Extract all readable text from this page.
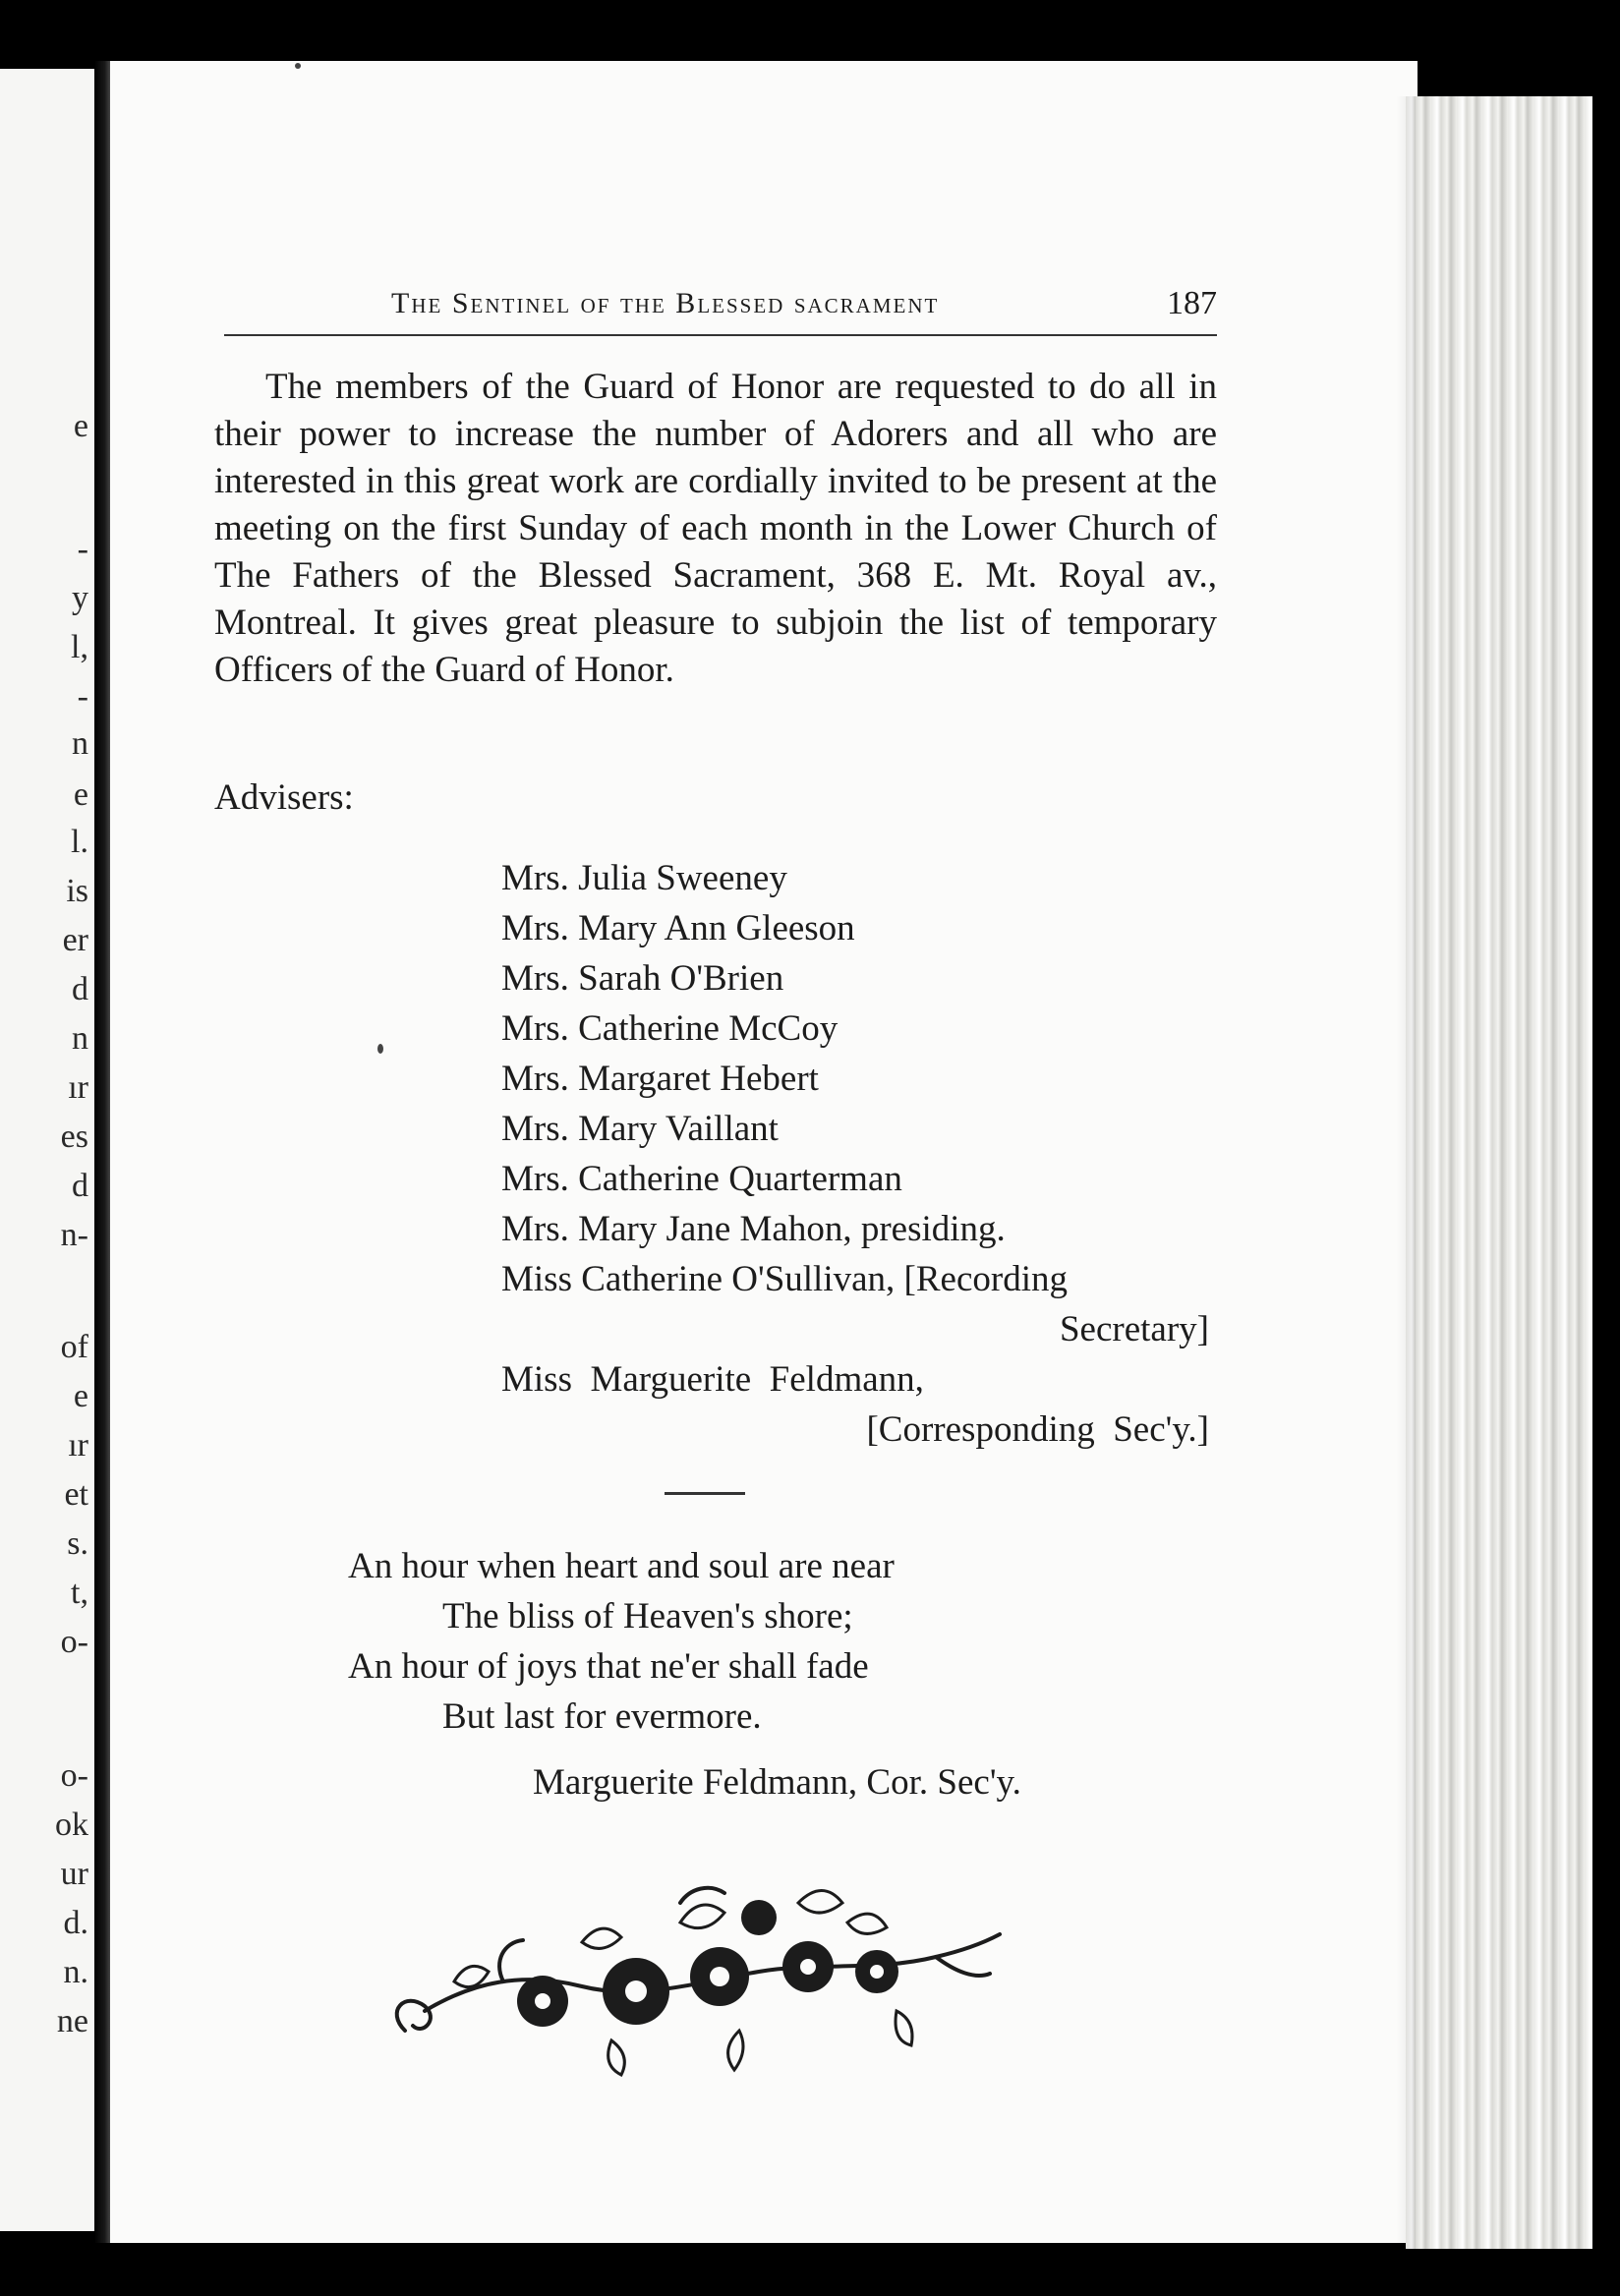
e
-
y
l,
-
n
e
l.
is
er
d
n
ır
es
d
n-
of
e
ır
et
s.
t,
o-
o-
ok
ur
d.
n.
ne
The Sentinel of the Blessed sacrament	187

The members of the Guard of Honor are requested to do all in their power to increase the number of Adorers and all who are interested in this great work are cordially invited to be present at the meeting on the first Sunday of each month in the Lower Church of The Fathers of the Blessed Sacrament, 368 E. Mt. Royal av., Montreal. It gives great pleasure to subjoin the list of temporary Officers of the Guard of Honor.

Advisers:
Mrs. Julia Sweeney
Mrs. Mary Ann Gleeson
Mrs. Sarah O'Brien
Mrs. Catherine McCoy
Mrs. Margaret Hebert
Mrs. Mary Vaillant
Mrs. Catherine Quarterman
Mrs. Mary Jane Mahon, presiding.
Miss Catherine O'Sullivan, [Recording
Secretary]
Miss  Marguerite  Feldmann,
[Corresponding  Sec'y.]
An hour when heart and soul are near
The bliss of Heaven's shore;
An hour of joys that ne'er shall fade
But last for evermore.
Marguerite Feldmann, Cor. Sec'y.
